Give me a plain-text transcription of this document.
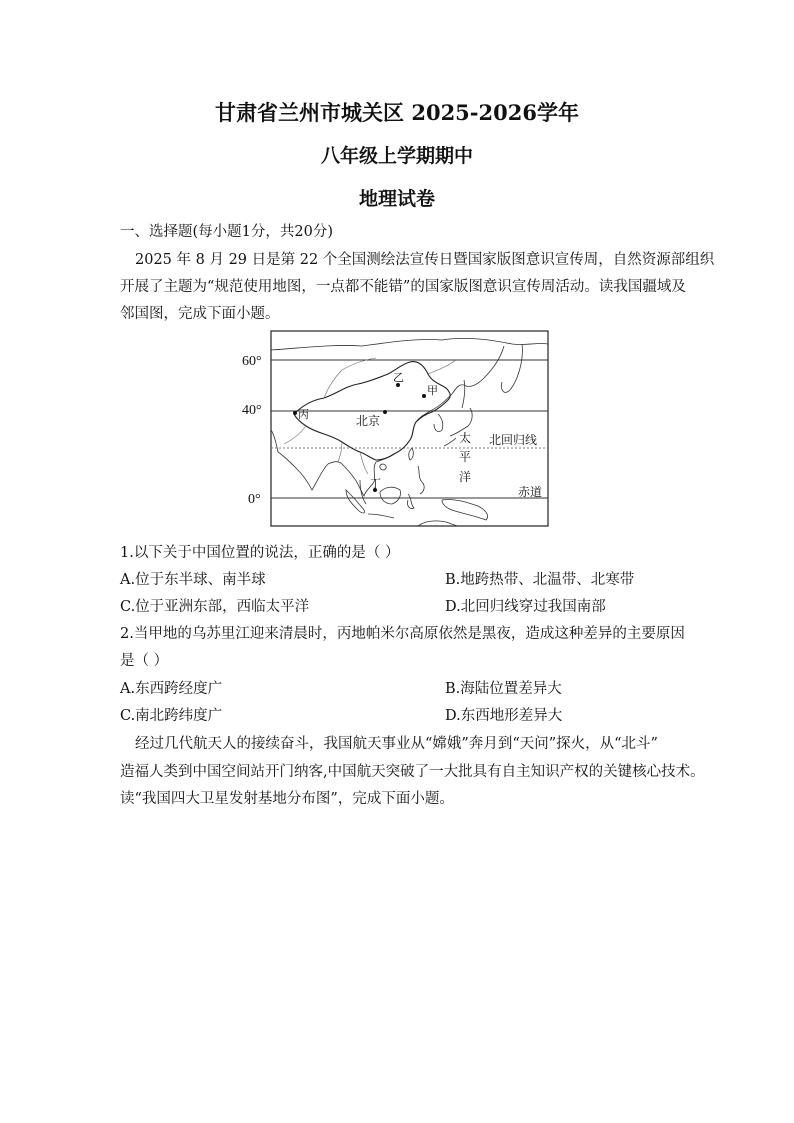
甘肃省兰州市城关区 2025-2026学年
八年级上学期期中
地理试卷
一、选择题(每小题1分，共20分)
2025 年 8 月 29 日是第 22 个全国测绘法宣传日暨国家版图意识宣传周，自然资源部组织
开展了主题为“规范使用地图，一点都不能错”的国家版图意识宣传周活动。读我国疆域及
邻国图，完成下面小题。
60°
40°
0°
乙
甲
丙	北京
丁
太
平
洋
北回归线
赤道
1.以下关于中国位置的说法，正确的是（ ）
A.位于东半球、南半球	B.地跨热带、北温带、北寒带
C.位于亚洲东部，西临太平洋	D.北回归线穿过我国南部
2.当甲地的乌苏里江迎来清晨时，丙地帕米尔高原依然是黑夜，造成这种差异的主要原因
是（ ）
A.东西跨经度广	B.海陆位置差异大
C.南北跨纬度广	D.东西地形差异大
经过几代航天人的接续奋斗，我国航天事业从“嫦娥”奔月到“天问”探火，从“北斗”
造福人类到中国空间站开门纳客,中国航天突破了一大批具有自主知识产权的关键核心技术。
读“我国四大卫星发射基地分布图”，完成下面小题。
